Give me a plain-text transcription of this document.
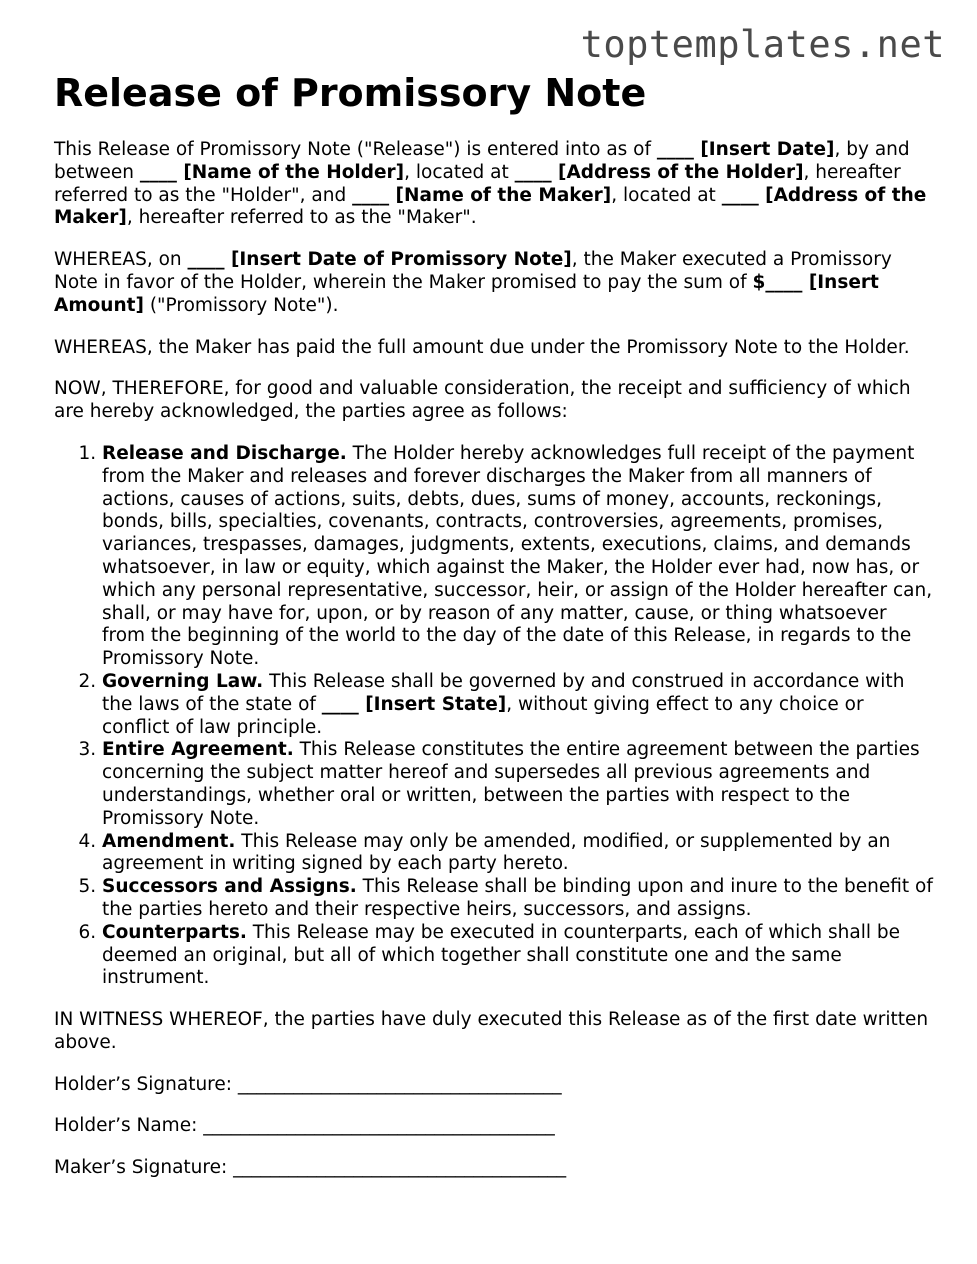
toptemplates.net
Release of Promissory Note

This Release of Promissory Note ("Release") is entered into as of ____ [Insert Date], by and between ____ [Name of the Holder], located at ____ [Address of the Holder], hereafter referred to as the "Holder", and ____ [Name of the Maker], located at ____ [Address of the Maker], hereafter referred to as the "Maker".

WHEREAS, on ____ [Insert Date of Promissory Note], the Maker executed a Promissory Note in favor of the Holder, wherein the Maker promised to pay the sum of $____ [Insert Amount] ("Promissory Note").

WHEREAS, the Maker has paid the full amount due under the Promissory Note to the Holder.

NOW, THEREFORE, for good and valuable consideration, the receipt and sufficiency of which are hereby acknowledged, the parties agree as follows:

1. Release and Discharge. The Holder hereby acknowledges full receipt of the payment from the Maker and releases and forever discharges the Maker from all manners of actions, causes of actions, suits, debts, dues, sums of money, accounts, reckonings, bonds, bills, specialties, covenants, contracts, controversies, agreements, promises, variances, trespasses, damages, judgments, extents, executions, claims, and demands whatsoever, in law or equity, which against the Maker, the Holder ever had, now has, or which any personal representative, successor, heir, or assign of the Holder hereafter can, shall, or may have for, upon, or by reason of any matter, cause, or thing whatsoever from the beginning of the world to the day of the date of this Release, in regards to the Promissory Note.
2. Governing Law. This Release shall be governed by and construed in accordance with the laws of the state of ____ [Insert State], without giving effect to any choice or conflict of law principle.
3. Entire Agreement. This Release constitutes the entire agreement between the parties concerning the subject matter hereof and supersedes all previous agreements and understandings, whether oral or written, between the parties with respect to the Promissory Note.
4. Amendment. This Release may only be amended, modified, or supplemented by an agreement in writing signed by each party hereto.
5. Successors and Assigns. This Release shall be binding upon and inure to the benefit of the parties hereto and their respective heirs, successors, and assigns.
6. Counterparts. This Release may be executed in counterparts, each of which shall be deemed an original, but all of which together shall constitute one and the same instrument.

IN WITNESS WHEREOF, the parties have duly executed this Release as of the first date written above.

Holder’s Signature: ___________________________________

Holder’s Name: ______________________________________

Maker’s Signature: ____________________________________
